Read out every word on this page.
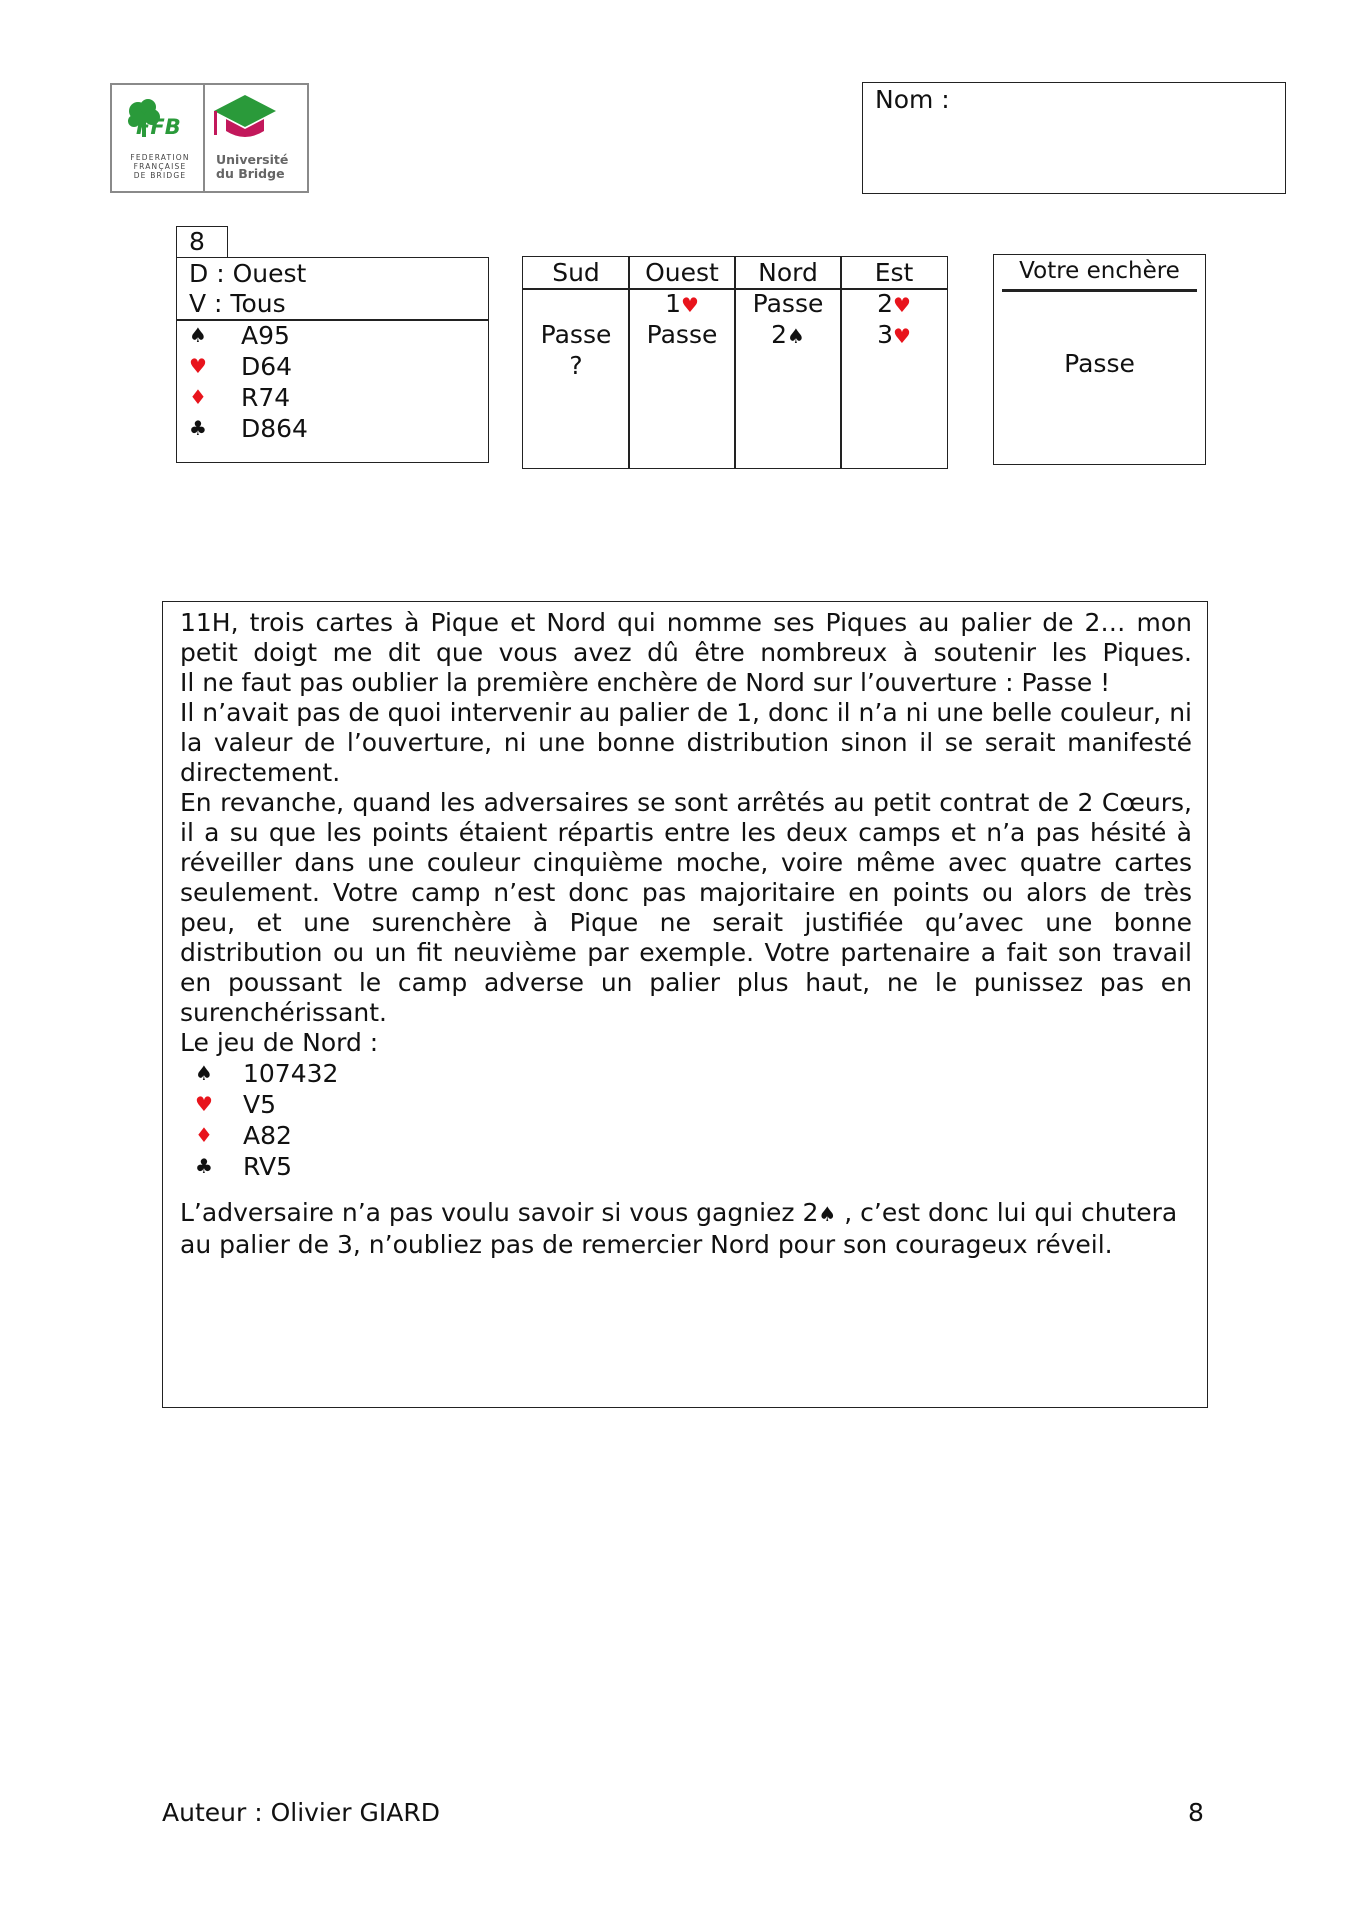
FFB
FEDERATION
FRANÇAISE
DE BRIDGE
Université
du Bridge
Nom :
8
D : Ouest
V : Tous
♠ A95
♥ D64
♦ R74
♣ D864
Sud
Passe
?
Ouest
1♥
Passe
Nord
Passe
2♠
Est
2♥
3♥
Votre enchère
Passe
11H, trois cartes à Pique et Nord qui nomme ses Piques au palier de 2… mon petit doigt me dit que vous avez dû être nombreux à soutenir les Piques.
Il ne faut pas oublier la première enchère de Nord sur l’ouverture : Passe !
Il n’avait pas de quoi intervenir au palier de 1, donc il n’a ni une belle couleur, ni la valeur de l’ouverture, ni une bonne distribution sinon il se serait manifesté directement.
En revanche, quand les adversaires se sont arrêtés au petit contrat de 2 Cœurs, il a su que les points étaient répartis entre les deux camps et n’a pas hésité à réveiller dans une couleur cinquième moche, voire même avec quatre cartes seulement. Votre camp n’est donc pas majoritaire en points ou alors de très peu, et une surenchère à Pique ne serait justifiée qu’avec une bonne distribution ou un fit neuvième par exemple. Votre partenaire a fait son travail en poussant le camp adverse un palier plus haut, ne le punissez pas en surenchérissant.
Le jeu de Nord :
♠ 107432
♥ V5
♦ A82
♣ RV5
L’adversaire n’a pas voulu savoir si vous gagniez 2♠ , c’est donc lui qui chutera
au palier de 3, n’oubliez pas de remercier Nord pour son courageux réveil.
Auteur : Olivier GIARD	8
